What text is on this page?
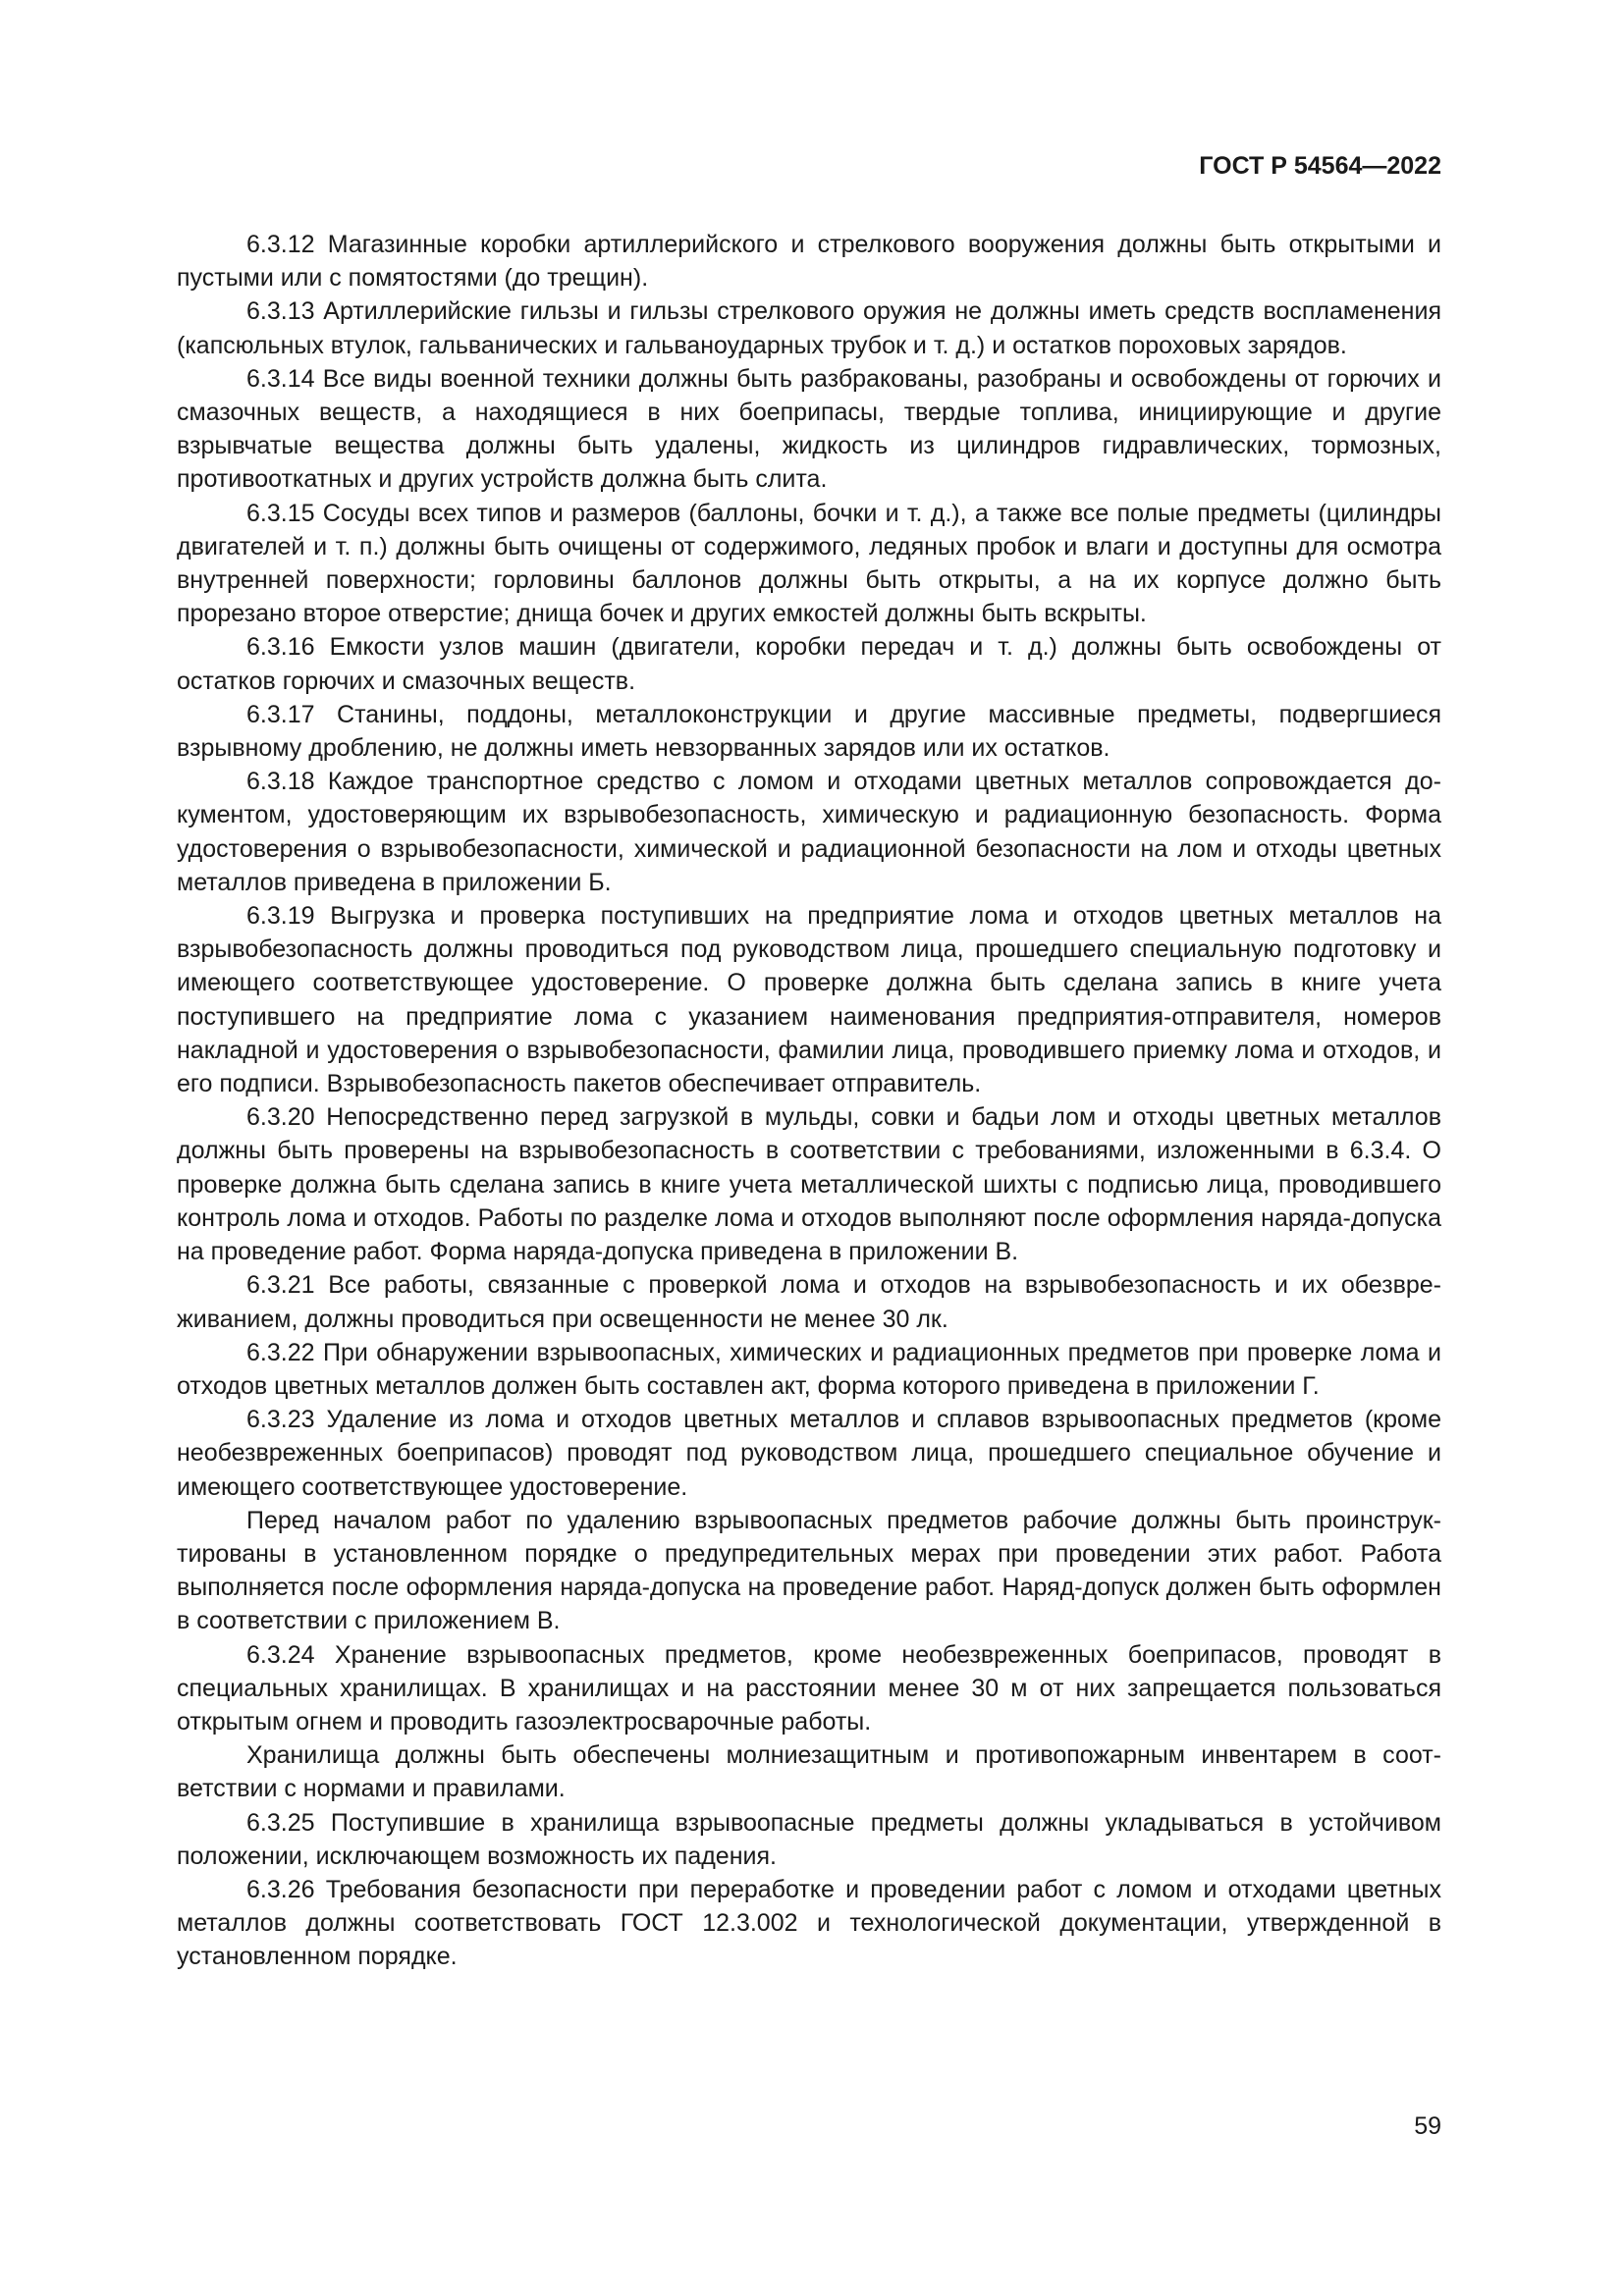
ГОСТ Р 54564—2022

6.3.12 Магазинные коробки артиллерийского и стрелкового вооружения должны быть открытыми и пустыми или с помятостями (до трещин).

6.3.13 Артиллерийские гильзы и гильзы стрелкового оружия не должны иметь средств воспламенения (капсюльных втулок, гальванических и гальваноударных трубок и т. д.) и остатков пороховых зарядов.

6.3.14 Все виды военной техники должны быть разбракованы, разобраны и освобождены от горючих и смазочных веществ, а находящиеся в них боеприпасы, твердые топлива, инициирующие и другие взрывчатые вещества должны быть удалены, жидкость из цилиндров гидравлических, тормозных, противооткатных и других устройств должна быть слита.

6.3.15 Сосуды всех типов и размеров (баллоны, бочки и т. д.), а также все полые предметы (цилиндры двигателей и т. п.) должны быть очищены от содержимого, ледяных пробок и влаги и доступны для осмотра внутренней поверхности; горловины баллонов должны быть открыты, а на их корпусе должно быть прорезано второе отверстие; днища бочек и других емкостей должны быть вскрыты.

6.3.16 Емкости узлов машин (двигатели, коробки передач и т. д.) должны быть освобождены от остатков горючих и смазочных веществ.

6.3.17 Станины, поддоны, металлоконструкции и другие массивные предметы, подвергшиеся взрывному дроблению, не должны иметь невзорванных зарядов или их остатков.

6.3.18 Каждое транспортное средство с ломом и отходами цветных металлов сопровождается документом, удостоверяющим их взрывобезопасность, химическую и радиационную безопасность. Форма удостоверения о взрывобезопасности, химической и радиационной безопасности на лом и отходы цветных металлов приведена в приложении Б.

6.3.19 Выгрузка и проверка поступивших на предприятие лома и отходов цветных металлов на взрывобезопасность должны проводиться под руководством лица, прошедшего специальную подготовку и имеющего соответствующее удостоверение. О проверке должна быть сделана запись в книге учета поступившего на предприятие лома с указанием наименования предприятия-отправителя, номеров накладной и удостоверения о взрывобезопасности, фамилии лица, проводившего приемку лома и отходов, и его подписи. Взрывобезопасность пакетов обеспечивает отправитель.

6.3.20 Непосредственно перед загрузкой в мульды, совки и бадьи лом и отходы цветных металлов должны быть проверены на взрывобезопасность в соответствии с требованиями, изложенными в 6.3.4. О проверке должна быть сделана запись в книге учета металлической шихты с подписью лица, проводившего контроль лома и отходов. Работы по разделке лома и отходов выполняют после оформления наряда-допуска на проведение работ. Форма наряда-допуска приведена в приложении В.

6.3.21 Все работы, связанные с проверкой лома и отходов на взрывобезопасность и их обезвреживанием, должны проводиться при освещенности не менее 30 лк.

6.3.22 При обнаружении взрывоопасных, химических и радиационных предметов при проверке лома и отходов цветных металлов должен быть составлен акт, форма которого приведена в приложении Г.

6.3.23 Удаление из лома и отходов цветных металлов и сплавов взрывоопасных предметов (кроме необезвреженных боеприпасов) проводят под руководством лица, прошедшего специальное обучение и имеющего соответствующее удостоверение.

Перед началом работ по удалению взрывоопасных предметов рабочие должны быть проинструктированы в установленном порядке о предупредительных мерах при проведении этих работ. Работа выполняется после оформления наряда-допуска на проведение работ. Наряд-допуск должен быть оформлен в соответствии с приложением В.

6.3.24 Хранение взрывоопасных предметов, кроме необезвреженных боеприпасов, проводят в специальных хранилищах. В хранилищах и на расстоянии менее 30 м от них запрещается пользоваться открытым огнем и проводить газоэлектросварочные работы.

Хранилища должны быть обеспечены молниезащитным и противопожарным инвентарем в соответствии с нормами и правилами.

6.3.25 Поступившие в хранилища взрывоопасные предметы должны укладываться в устойчивом положении, исключающем возможность их падения.

6.3.26 Требования безопасности при переработке и проведении работ с ломом и отходами цветных металлов должны соответствовать ГОСТ 12.3.002 и технологической документации, утвержденной в установленном порядке.

59
